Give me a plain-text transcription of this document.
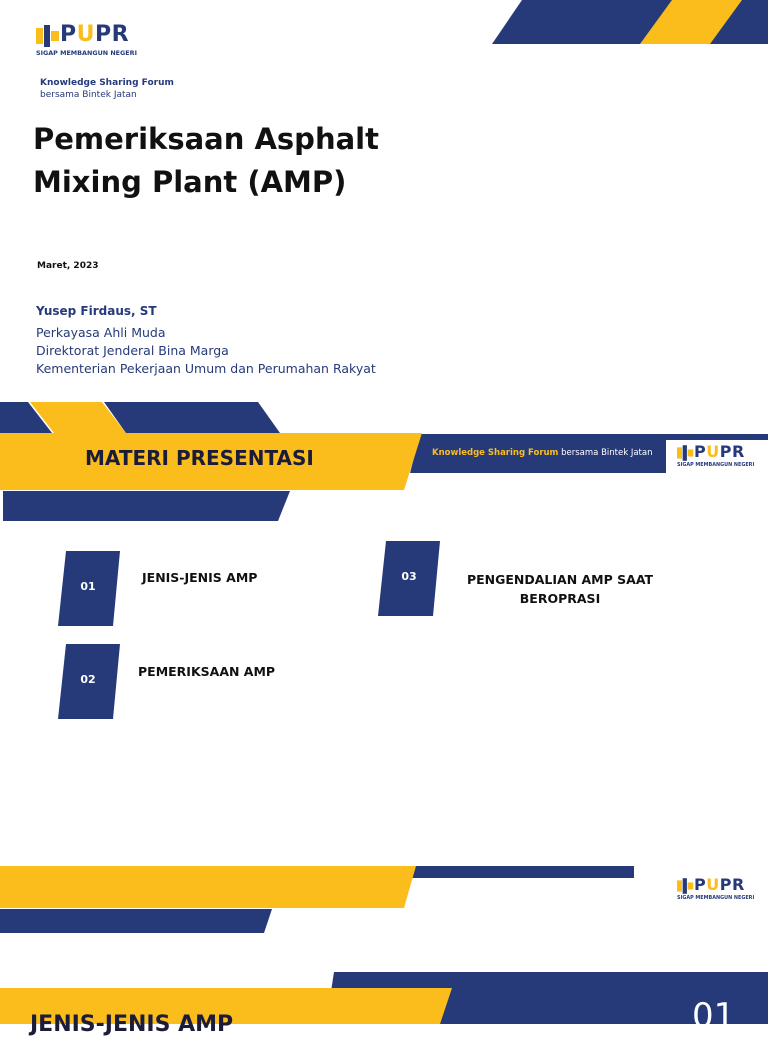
PUPR
SIGAP MEMBANGUN NEGERI
Knowledge Sharing Forum
bersama Bintek Jatan
Pemeriksaan Asphalt Mixing Plant (AMP)
Maret, 2023
Yusep Firdaus, ST
Perkayasa Ahli Muda
Direktorat Jenderal Bina Marga
Kementerian Pekerjaan Umum dan Perumahan Rakyat
MATERI PRESENTASI	Knowledge Sharing Forum bersama Bintek Jatan	PUPR
SIGAP MEMBANGUN NEGERI
01
JENIS-JENIS AMP
02
PEMERIKSAAN AMP
03	PENGENDALIAN AMP SAAT BEROPRASI
PUPR
SIGAP MEMBANGUN NEGERI
JENIS-JENIS AMP	01
